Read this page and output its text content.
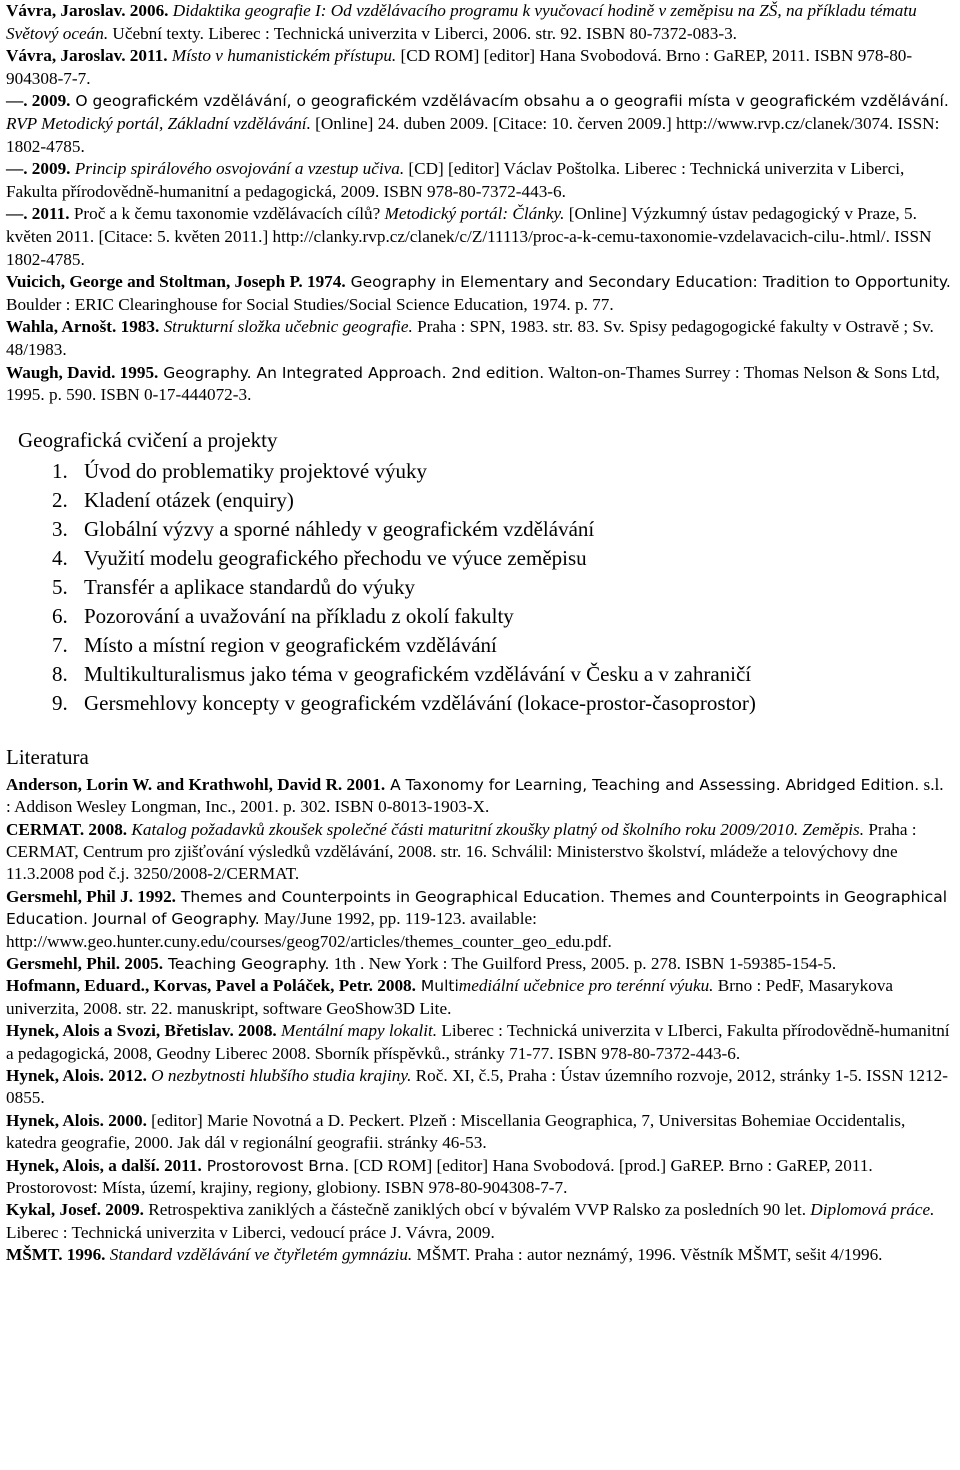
Vávra, Jaroslav. 2006. Didaktika geografie I: Od vzdělávacího programu k vyučovací hodině v zeměpisu na ZŠ, na příkladu tématu Světový oceán. Učební texty. Liberec : Technická univerzita v Liberci, 2006. str. 92. ISBN 80-7372-083-3.

Vávra, Jaroslav. 2011. Místo v humanistickém přístupu. [CD ROM] [editor] Hana Svobodová. Brno : GaREP, 2011. ISBN 978-80-904308-7-7.

—. 2009. O geografickém vzdělávání, o geografickém vzdělávacím obsahu a o geografii místa v geografickém vzdělávání. RVP Metodický portál, Základní vzdělávání. [Online] 24. duben 2009. [Citace: 10. červen 2009.] http://www.rvp.cz/clanek/3074. ISSN: 1802-4785.

—. 2009. Princip spirálového osvojování a vzestup učiva. [CD] [editor] Václav Poštolka. Liberec : Technická univerzita v Liberci, Fakulta přírodovědně-humanitní a pedagogická, 2009. ISBN 978-80-7372-443-6.

—. 2011. Proč a k čemu taxonomie vzdělávacích cílů? Metodický portál: Články. [Online] Výzkumný ústav pedagogický v Praze, 5. květen 2011. [Citace: 5. květen 2011.] http://clanky.rvp.cz/clanek/c/Z/11113/proc-a-k-cemu-taxonomie-vzdelavacich-cilu-.html/. ISSN 1802-4785.

Vuicich, George and Stoltman, Joseph P. 1974. Geography in Elementary and Secondary Education: Tradition to Opportunity. Boulder : ERIC Clearinghouse for Social Studies/Social Science Education, 1974. p. 77.

Wahla, Arnošt. 1983. Strukturní složka učebnic geografie. Praha : SPN, 1983. str. 83. Sv. Spisy pedagogogické fakulty v Ostravě ; Sv. 48/1983.

Waugh, David. 1995. Geography. An Integrated Approach. 2nd edition. Walton-on-Thames Surrey : Thomas Nelson & Sons Ltd, 1995. p. 590. ISBN 0-17-444072-3.

Geografická cvičení a projekty
1. Úvod do problematiky projektové výuky
2. Kladení otázek (enquiry)
3. Globální výzvy a sporné náhledy v geografickém vzdělávání
4. Využití modelu geografického přechodu ve výuce zeměpisu
5. Transfér a aplikace standardů do výuky
6. Pozorování a uvažování na příkladu z okolí fakulty
7. Místo a místní region v geografickém vzdělávání
8. Multikulturalismus jako téma v geografickém vzdělávání v Česku a v zahraničí
9. Gersmehlovy koncepty v geografickém vzdělávání (lokace-prostor-časoprostor)
Literatura

Anderson, Lorin W. and Krathwohl, David R. 2001. A Taxonomy for Learning, Teaching and Assessing. Abridged Edition. s.l. : Addison Wesley Longman, Inc., 2001. p. 302. ISBN 0-8013-1903-X.

CERMAT. 2008. Katalog požadavků zkoušek společné části maturitní zkoušky platný od školního roku 2009/2010. Zeměpis. Praha : CERMAT, Centrum pro zjišťování výsledků vzdělávání, 2008. str. 16. Schválil: Ministerstvo školství, mládeže a telovýchovy dne 11.3.2008 pod č.j. 3250/2008-2/CERMAT.

Gersmehl, Phil J. 1992. Themes and Counterpoints in Geographical Education. Themes and Counterpoints in Geographical Education. Journal of Geography. May/June 1992, pp. 119-123. available: http://www.geo.hunter.cuny.edu/courses/geog702/articles/themes_counter_geo_edu.pdf.

Gersmehl, Phil. 2005. Teaching Geography. 1th . New York : The Guilford Press, 2005. p. 278. ISBN 1-59385-154-5.

Hofmann, Eduard., Korvas, Pavel a Poláček, Petr. 2008. Multimediální učebnice pro terénní výuku. Brno : PedF, Masarykova univerzita, 2008. str. 22. manuskript, software GeoShow3D Lite.

Hynek, Alois a Svozi, Břetislav. 2008. Mentální mapy lokalit. Liberec : Technická univerzita v LIberci, Fakulta přírodovědně-humanitní a pedagogická, 2008, Geodny Liberec 2008. Sborník příspěvků., stránky 71-77. ISBN 978-80-7372-443-6.

Hynek, Alois. 2012. O nezbytnosti hlubšího studia krajiny. Roč. XI, č.5, Praha : Ústav územního rozvoje, 2012, stránky 1-5. ISSN 1212-0855.

Hynek, Alois. 2000. [editor] Marie Novotná a D. Peckert. Plzeň : Miscellania Geographica, 7, Universitas Bohemiae Occidentalis, katedra geografie, 2000. Jak dál v regionální geografii. stránky 46-53.

Hynek, Alois, a další. 2011. Prostorovost Brna. [CD ROM] [editor] Hana Svobodová. [prod.] GaREP. Brno : GaREP, 2011. Prostorovost: Místa, území, krajiny, regiony, globiony. ISBN 978-80-904308-7-7.

Kykal, Josef. 2009. Retrospektiva zaniklých a částečně zaniklých obcí v bývalém VVP Ralsko za posledních 90 let. Diplomová práce. Liberec : Technická univerzita v Liberci, vedoucí práce J. Vávra, 2009.

MŠMT. 1996. Standard vzdělávání ve čtyřletém gymnáziu. MŠMT. Praha : autor neznámý, 1996. Věstník MŠMT, sešit 4/1996.
